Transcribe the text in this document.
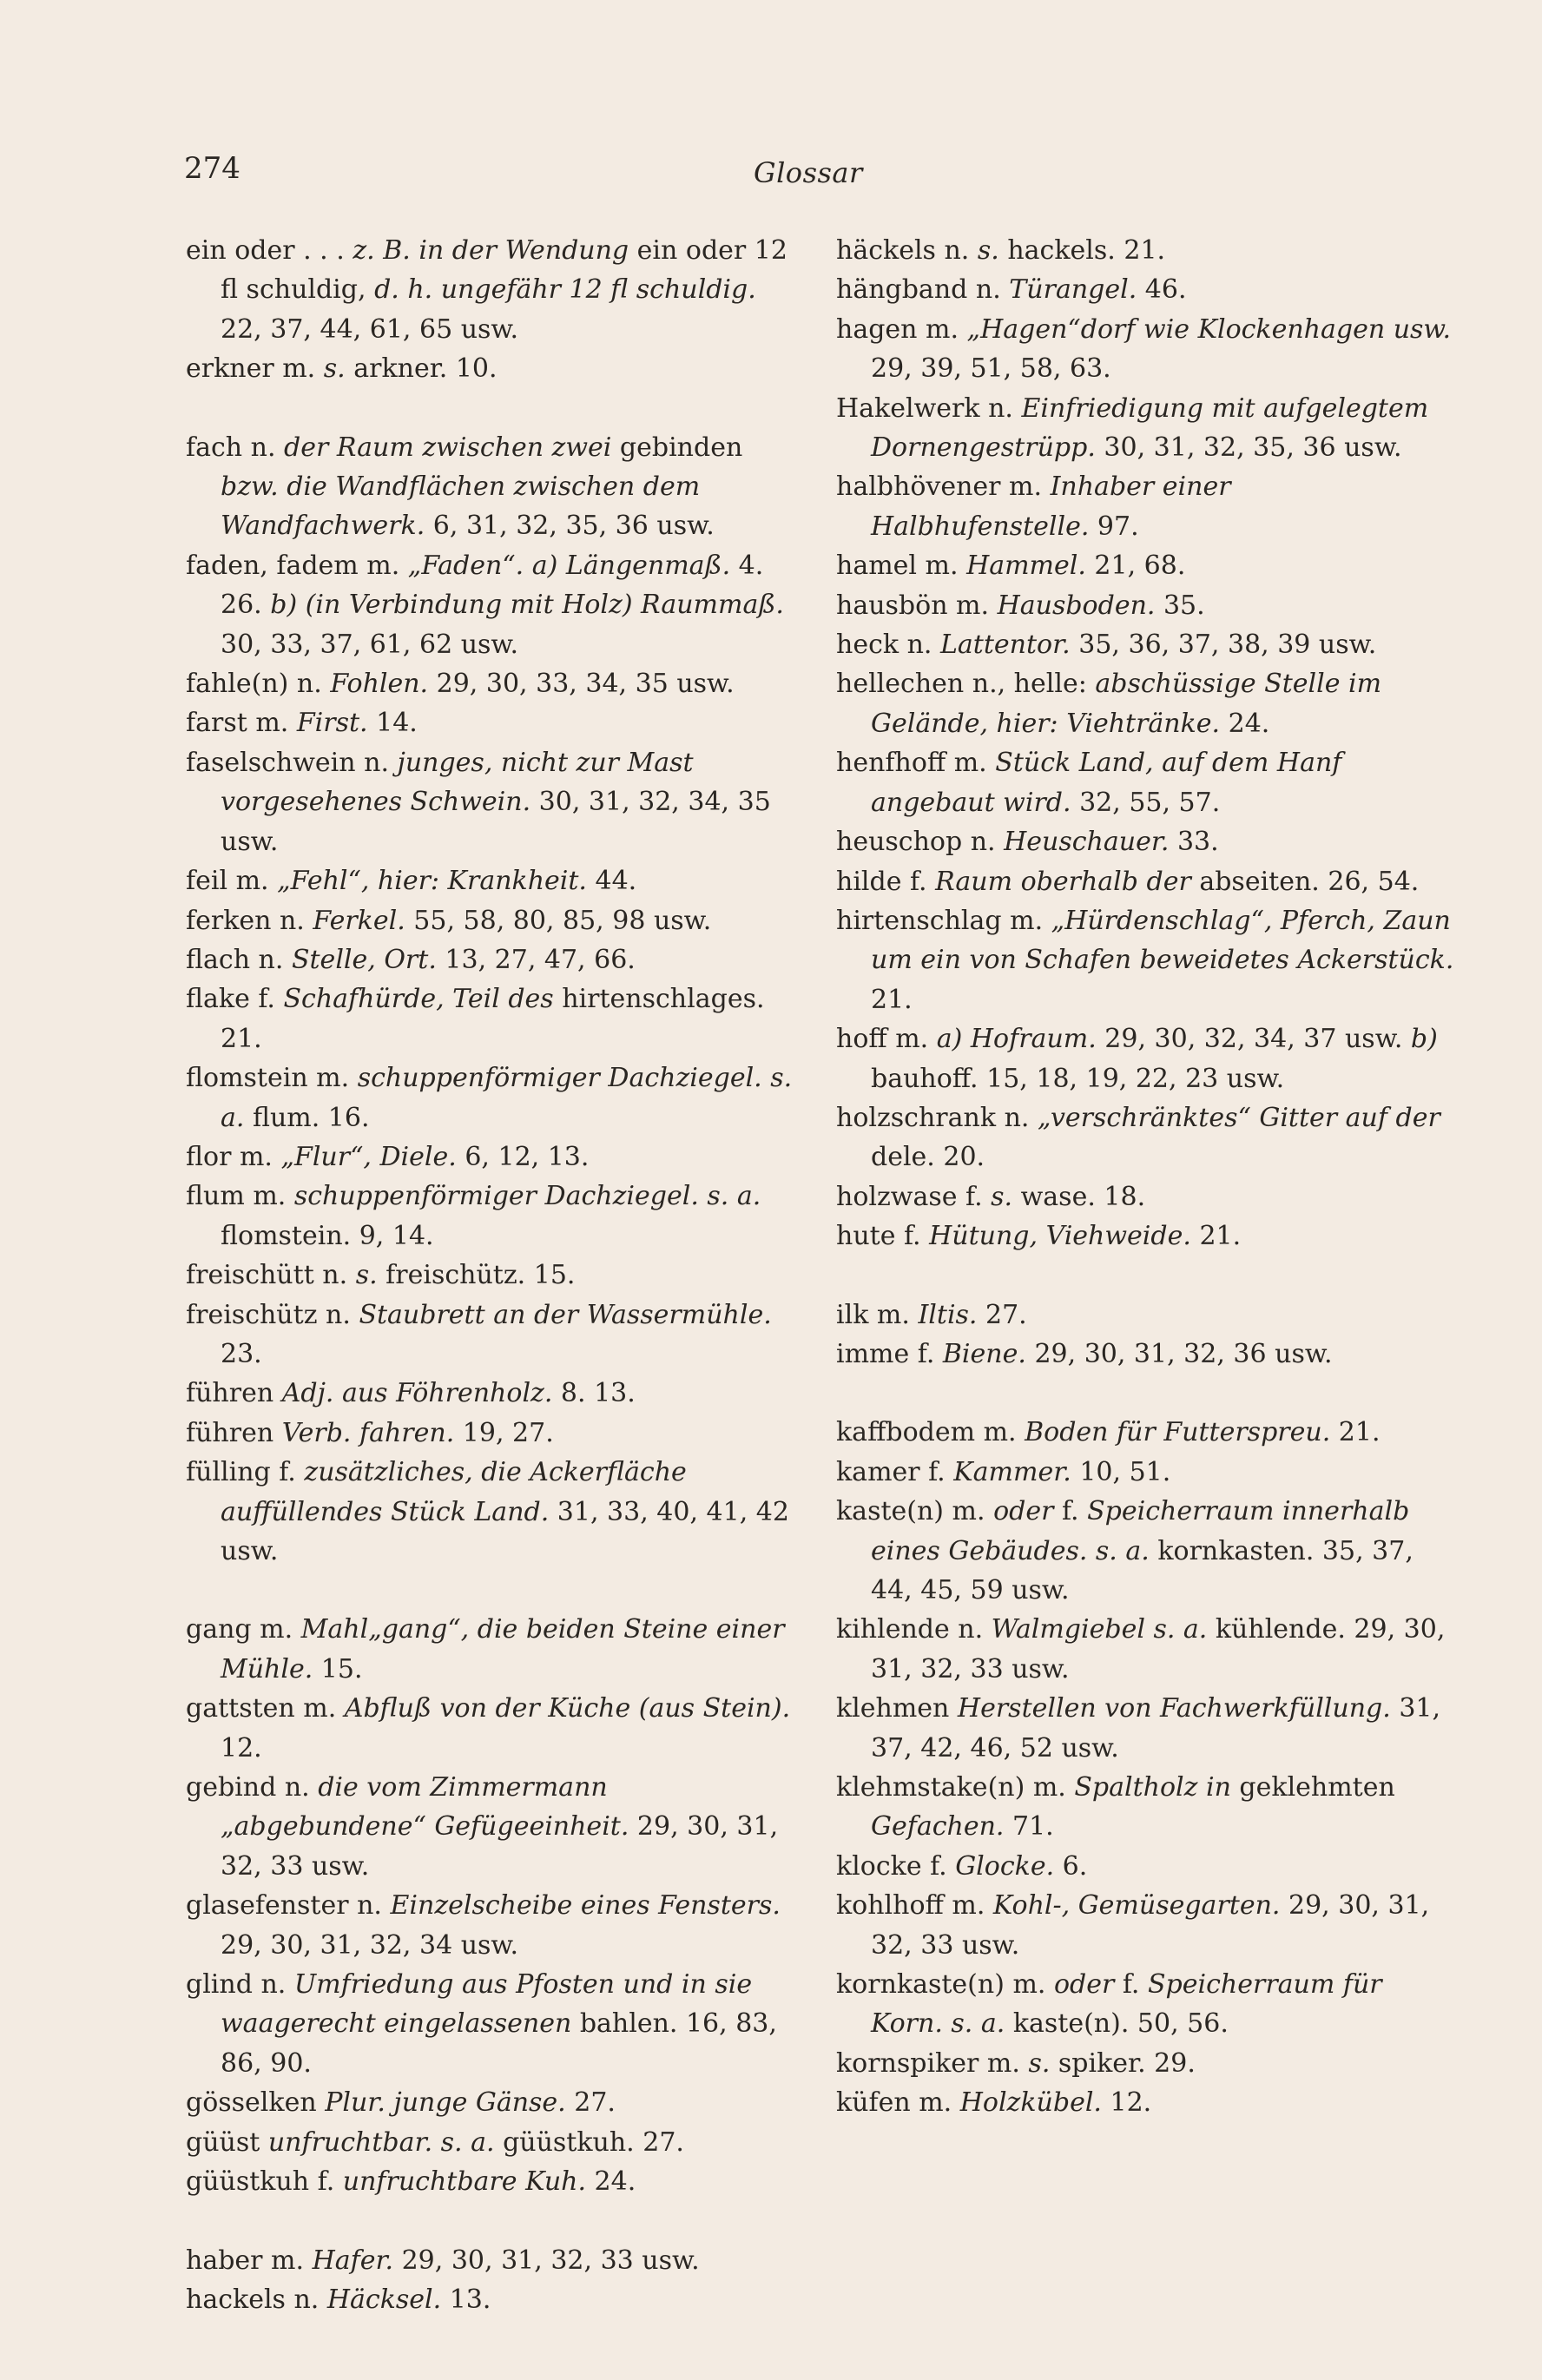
274	Glossar

ein oder . . . z. B. in der Wendung ein oder 12 fl schuldig, d. h. ungefähr 12 fl schuldig. 22, 37, 44, 61, 65 usw.

erkner m. s. arkner. 10.

fach n. der Raum zwischen zwei gebinden bzw. die Wandflächen zwischen dem Wandfachwerk. 6, 31, 32, 35, 36 usw.

faden, fadem m. „Faden“. a) Längenmaß. 4. 26. b) (in Verbindung mit Holz) Raummaß. 30, 33, 37, 61, 62 usw.

fahle(n) n. Fohlen. 29, 30, 33, 34, 35 usw.

farst m. First. 14.

faselschwein n. junges, nicht zur Mast vorgesehenes Schwein. 30, 31, 32, 34, 35 usw.

feil m. „Fehl“, hier: Krankheit. 44.

ferken n. Ferkel. 55, 58, 80, 85, 98 usw.

flach n. Stelle, Ort. 13, 27, 47, 66.

flake f. Schafhürde, Teil des hirtenschlages. 21.

flomstein m. schuppenförmiger Dachziegel. s. a. flum. 16.

flor m. „Flur“, Diele. 6, 12, 13.

flum m. schuppenförmiger Dachziegel. s. a. flomstein. 9, 14.

freischütt n. s. freischütz. 15.

freischütz n. Staubrett an der Wassermühle. 23.

führen Adj. aus Föhrenholz. 8. 13.

führen Verb. fahren. 19, 27.

fülling f. zusätzliches, die Ackerfläche auffüllendes Stück Land. 31, 33, 40, 41, 42 usw.

gang m. Mahl„gang“, die beiden Steine einer Mühle. 15.

gattsten m. Abfluß von der Küche (aus Stein). 12.

gebind n. die vom Zimmermann „abgebundene“ Gefügeeinheit. 29, 30, 31, 32, 33 usw.

glasefenster n. Einzelscheibe eines Fensters. 29, 30, 31, 32, 34 usw.

glind n. Umfriedung aus Pfosten und in sie waagerecht eingelassenen bahlen. 16, 83, 86, 90.

gösselken Plur. junge Gänse. 27.

güüst unfruchtbar. s. a. güüstkuh. 27.

güüstkuh f. unfruchtbare Kuh. 24.

haber m. Hafer. 29, 30, 31, 32, 33 usw.

hackels n. Häcksel. 13.

häckels n. s. hackels. 21.

hängband n. Türangel. 46.

hagen m. „Hagen“dorf wie Klockenhagen usw. 29, 39, 51, 58, 63.

Hakelwerk n. Einfriedigung mit aufgelegtem Dornengestrüpp. 30, 31, 32, 35, 36 usw.

halbhövener m. Inhaber einer Halbhufenstelle. 97.

hamel m. Hammel. 21, 68.

hausbön m. Hausboden. 35.

heck n. Lattentor. 35, 36, 37, 38, 39 usw.

hellechen n., helle: abschüssige Stelle im Gelände, hier: Viehtränke. 24.

henfhoff m. Stück Land, auf dem Hanf angebaut wird. 32, 55, 57.

heuschop n. Heuschauer. 33.

hilde f. Raum oberhalb der abseiten. 26, 54.

hirtenschlag m. „Hürdenschlag“, Pferch, Zaun um ein von Schafen beweidetes Ackerstück. 21.

hoff m. a) Hofraum. 29, 30, 32, 34, 37 usw. b) bauhoff. 15, 18, 19, 22, 23 usw.

holzschrank n. „verschränktes“ Gitter auf der dele. 20.

holzwase f. s. wase. 18.

hute f. Hütung, Viehweide. 21.

ilk m. Iltis. 27.

imme f. Biene. 29, 30, 31, 32, 36 usw.

kaffbodem m. Boden für Futterspreu. 21.

kamer f. Kammer. 10, 51.

kaste(n) m. oder f. Speicherraum innerhalb eines Gebäudes. s. a. kornkasten. 35, 37, 44, 45, 59 usw.

kihlende n. Walmgiebel s. a. kühlende. 29, 30, 31, 32, 33 usw.

klehmen Herstellen von Fachwerkfüllung. 31, 37, 42, 46, 52 usw.

klehmstake(n) m. Spaltholz in geklehmten Gefachen. 71.

klocke f. Glocke. 6.

kohlhoff m. Kohl-, Gemüsegarten. 29, 30, 31, 32, 33 usw.

kornkaste(n) m. oder f. Speicherraum für Korn. s. a. kaste(n). 50, 56.

kornspiker m. s. spiker. 29.

küfen m. Holzkübel. 12.
